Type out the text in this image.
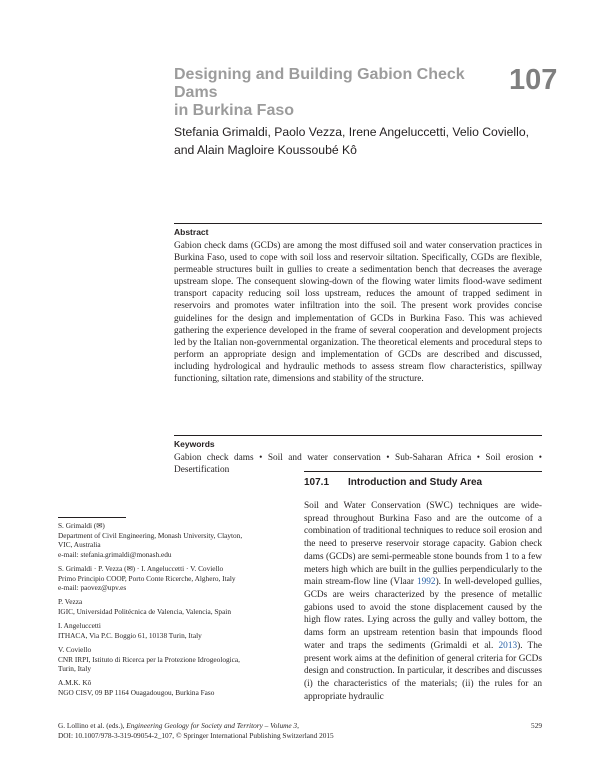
Designing and Building Gabion Check Dams
in Burkina Faso
107
Stefania Grimaldi, Paolo Vezza, Irene Angeluccetti, Velio Coviello,
and Alain Magloire Koussoubé Kô
Abstract
Gabion check dams (GCDs) are among the most diffused soil and water conservation practices in Burkina Faso, used to cope with soil loss and reservoir siltation. Specifically, CGDs are flexible, permeable structures built in gullies to create a sedimentation bench that decreases the average upstream slope. The consequent slowing-down of the flowing water limits flood-wave sediment transport capacity reducing soil loss upstream, reduces the amount of trapped sediment in reservoirs and promotes water infiltration into the soil. The present work provides concise guidelines for the design and implementation of GCDs in Burkina Faso. This was achieved gathering the experience developed in the frame of several cooperation and development projects led by the Italian non-governmental organization. The theoretical elements and procedural steps to perform an appropriate design and implementation of GCDs are described and discussed, including hydrological and hydraulic methods to assess stream flow characteristics, spillway functioning, siltation rate, dimensions and stability of the structure.
Keywords
Gabion check dams • Soil and water conservation • Sub-Saharan Africa • Soil erosion • Desertification
107.1 Introduction and Study Area
Soil and Water Conservation (SWC) techniques are wide-spread throughout Burkina Faso and are the outcome of a combination of traditional techniques to reduce soil erosion and the need to preserve reservoir storage capacity. Gabion check dams (GCDs) are semi-permeable stone bounds from 1 to a few meters high which are built in the gullies perpendicularly to the main stream-flow line (Vlaar 1992). In well-developed gullies, GCDs are weirs characterized by the presence of metallic gabions used to avoid the stone displacement caused by the high flow rates. Lying across the gully and valley bottom, the dams form an upstream retention basin that impounds flood water and traps the sediments (Grimaldi et al. 2013). The present work aims at the definition of general criteria for GCDs design and construction. In particular, it describes and discusses (i) the characteristics of the materials; (ii) the rules for an appropriate hydraulic
S. Grimaldi (✉)
Department of Civil Engineering, Monash University, Clayton,
VIC, Australia
e-mail: stefania.grimaldi@monash.edu
S. Grimaldi · P. Vezza (✉) · I. Angeluccetti · V. Coviello
Primo Principio COOP, Porto Conte Ricerche, Alghero, Italy
e-mail: paovez@upv.es
P. Vezza
IGIC, Universidad Politécnica de Valencia, Valencia, Spain
I. Angeluccetti
ITHACA, Via P.C. Boggio 61, 10138 Turin, Italy
V. Coviello
CNR IRPI, Istituto di Ricerca per la Protezione Idrogeologica,
Turin, Italy
A.M.K. Kô
NGO CISV, 09 BP 1164 Ouagadougou, Burkina Faso
G. Lollino et al. (eds.), Engineering Geology for Society and Territory – Volume 3,
DOI: 10.1007/978-3-319-09054-2_107, © Springer International Publishing Switzerland 2015
529
